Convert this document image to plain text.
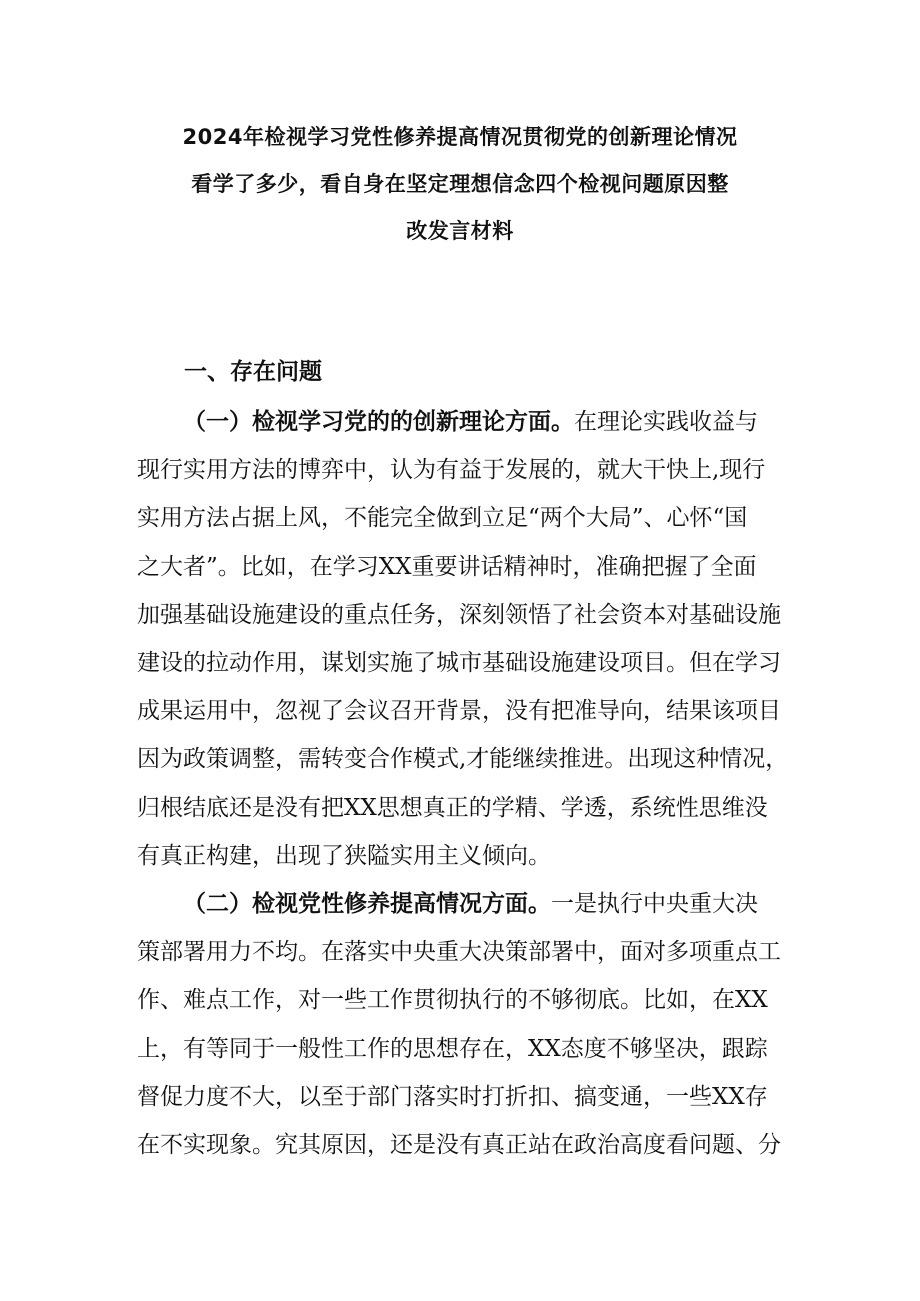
2024年检视学习党性修养提高情况贯彻党的创新理论情况
看学了多少，看自身在坚定理想信念四个检视问题原因整
改发言材料
一、存在问题
（一）检视学习党的的创新理论方面。在理论实践收益与
现行实用方法的博弈中，认为有益于发展的，就大干快上,现行
实用方法占据上风，不能完全做到立足“两个大局”、心怀“国
之大者”。比如，在学习XX重要讲话精神时，准确把握了全面
加强基础设施建设的重点任务，深刻领悟了社会资本对基础设施
建设的拉动作用，谋划实施了城市基础设施建设项目。但在学习
成果运用中，忽视了会议召开背景，没有把准导向，结果该项目
因为政策调整，需转变合作模式,才能继续推进。出现这种情况，
归根结底还是没有把XX思想真正的学精、学透，系统性思维没
有真正构建，出现了狭隘实用主义倾向。
（二）检视党性修养提高情况方面。一是执行中央重大决
策部署用力不均。在落实中央重大决策部署中，面对多项重点工
作、难点工作，对一些工作贯彻执行的不够彻底。比如，在XX
上，有等同于一般性工作的思想存在，XX态度不够坚决，跟踪
督促力度不大，以至于部门落实时打折扣、搞变通，一些XX存
在不实现象。究其原因，还是没有真正站在政治高度看问题、分
